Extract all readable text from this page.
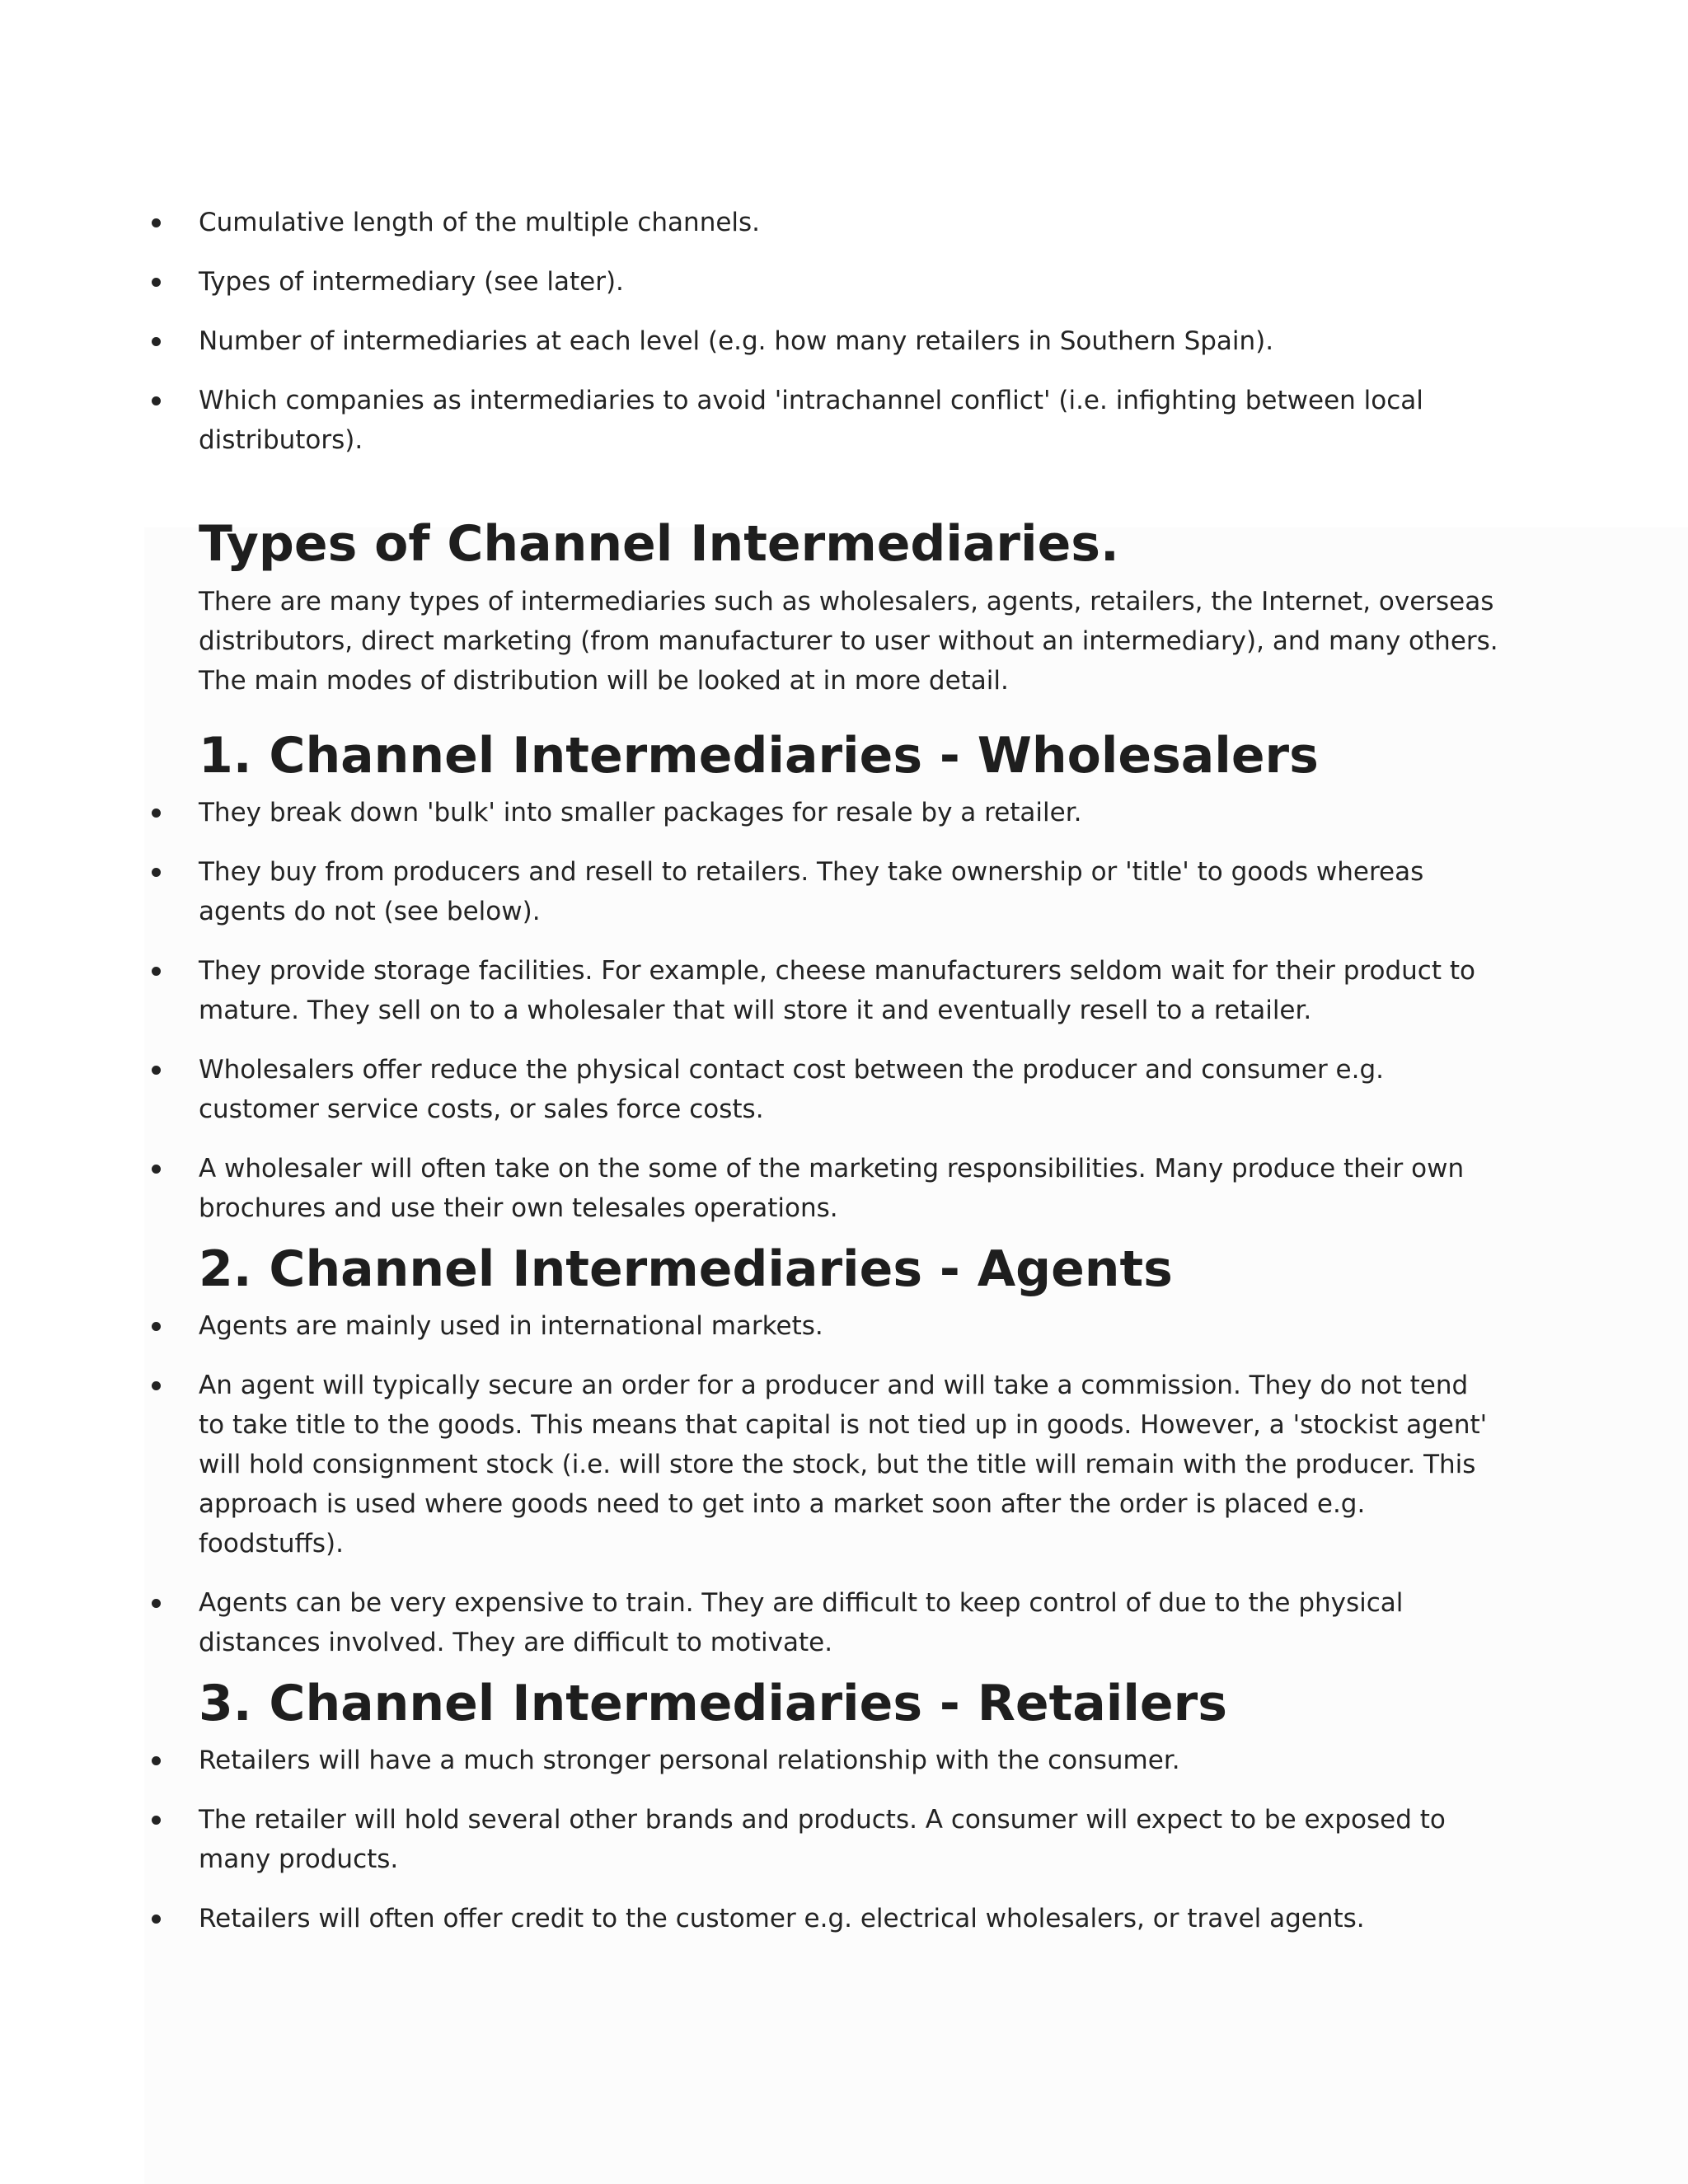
Cumulative length of the multiple channels.
Types of intermediary (see later).
Number of intermediaries at each level (e.g. how many retailers in Southern Spain).
Which companies as intermediaries to avoid 'intrachannel conflict' (i.e. infighting between local distributors).
Types of Channel Intermediaries.

There are many types of intermediaries such as wholesalers, agents, retailers, the Internet, overseas distributors, direct marketing (from manufacturer to user without an intermediary), and many others. The main modes of distribution will be looked at in more detail.

1. Channel Intermediaries - Wholesalers
They break down 'bulk' into smaller packages for resale by a retailer.
They buy from producers and resell to retailers. They take ownership or 'title' to goods whereas agents do not (see below).
They provide storage facilities. For example, cheese manufacturers seldom wait for their product to mature. They sell on to a wholesaler that will store it and eventually resell to a retailer.
Wholesalers offer reduce the physical contact cost between the producer and consumer e.g. customer service costs, or sales force costs.
A wholesaler will often take on the some of the marketing responsibilities. Many produce their own brochures and use their own telesales operations.
2. Channel Intermediaries - Agents
Agents are mainly used in international markets.
An agent will typically secure an order for a producer and will take a commission. They do not tend to take title to the goods. This means that capital is not tied up in goods. However, a 'stockist agent' will hold consignment stock (i.e. will store the stock, but the title will remain with the producer. This approach is used where goods need to get into a market soon after the order is placed e.g. foodstuffs).
Agents can be very expensive to train. They are difficult to keep control of due to the physical distances involved. They are difficult to motivate.
3. Channel Intermediaries - Retailers
Retailers will have a much stronger personal relationship with the consumer.
The retailer will hold several other brands and products. A consumer will expect to be exposed to many products.
Retailers will often offer credit to the customer e.g. electrical wholesalers, or travel agents.
